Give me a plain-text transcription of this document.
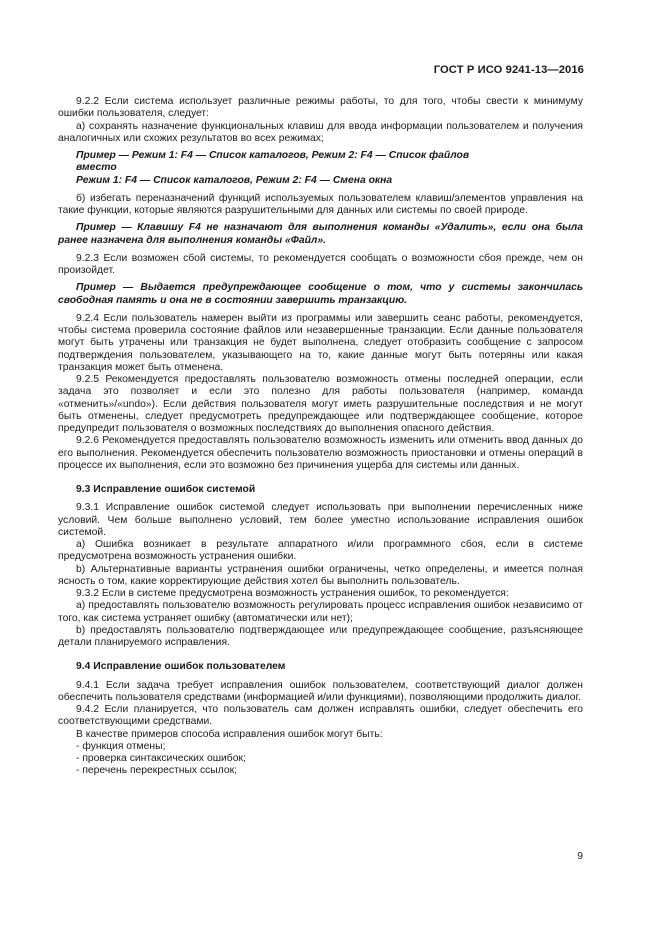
ГОСТ Р ИСО 9241-13—2016

9.2.2 Если система использует различные режимы работы, то для того, чтобы свести к минимуму ошибки пользователя, следует:

а) сохранять назначение функциональных клавиш для ввода информации пользователем и получения аналогичных или схожих результатов во всех режимах;

Пример — Режим 1: F4 — Список каталогов, Режим 2: F4 — Список файлов

вместо

Режим 1: F4 — Список каталогов, Режим 2: F4 — Смена окна

б) избегать переназначений функций используемых пользователем клавиш/элементов управления на такие функции, которые являются разрушительными для данных или системы по своей природе.

Пример — Клавишу F4 не назначают для выполнения команды «Удалить», если она была ранее назначена для выполнения команды «Файл».

9.2.3 Если возможен сбой системы, то рекомендуется сообщать о возможности сбоя прежде, чем он произойдет.

Пример — Выдается предупреждающее сообщение о том, что у системы закончилась свободная память и она не в состоянии завершить транзакцию.

9.2.4 Если пользователь намерен выйти из программы или завершить сеанс работы, рекомендуется, чтобы система проверила состояние файлов или незавершенные транзакции. Если данные пользователя могут быть утрачены или транзакция не будет выполнена, следует отобразить сообщение с запросом подтверждения пользователем, указывающего на то, какие данные могут быть потеряны или какая транзакция может быть отменена.

9.2.5 Рекомендуется предоставлять пользователю возможность отмены последней операции, если задача это позволяет и если это полезно для работы пользователя (например, команда «отменить»/«undo»). Если действия пользователя могут иметь разрушительные последствия и не могут быть отменены, следует предусмотреть предупреждающее или подтверждающее сообщение, которое предупредит пользователя о возможных последствиях до выполнения опасного действия.

9.2.6 Рекомендуется предоставлять пользователю возможность изменить или отменить ввод данных до его выполнения. Рекомендуется обеспечить пользователю возможность приостановки и отмены операций в процессе их выполнения, если это возможно без причинения ущерба для системы или данных.

9.3 Исправление ошибок системой

9.3.1 Исправление ошибок системой следует использовать при выполнении перечисленных ниже условий. Чем больше выполнено условий, тем более уместно использование исправления ошибок системой.

а) Ошибка возникает в результате аппаратного и/или программного сбоя, если в системе предусмотрена возможность устранения ошибки.

b) Альтернативные варианты устранения ошибки ограничены, четко определены, и имеется полная ясность о том, какие корректирующие действия хотел бы выполнить пользователь.

9.3.2 Если в системе предусмотрена возможность устранения ошибок, то рекомендуется:

а) предоставлять пользователю возможность регулировать процесс исправления ошибок независимо от того, как система устраняет ошибку (автоматически или нет);

b) предоставлять пользователю подтверждающее или предупреждающее сообщение, разъясняющее детали планируемого исправления.

9.4 Исправление ошибок пользователем

9.4.1 Если задача требует исправления ошибок пользователем, соответствующий диалог должен обеспечить пользователя средствами (информацией и/или функциями), позволяющими продолжить диалог.

9.4.2 Если планируется, что пользователь сам должен исправлять ошибки, следует обеспечить его соответствующими средствами.

В качестве примеров способа исправления ошибок могут быть:

- функция отмены;

- проверка синтаксических ошибок;

- перечень перекрестных ссылок;

9
